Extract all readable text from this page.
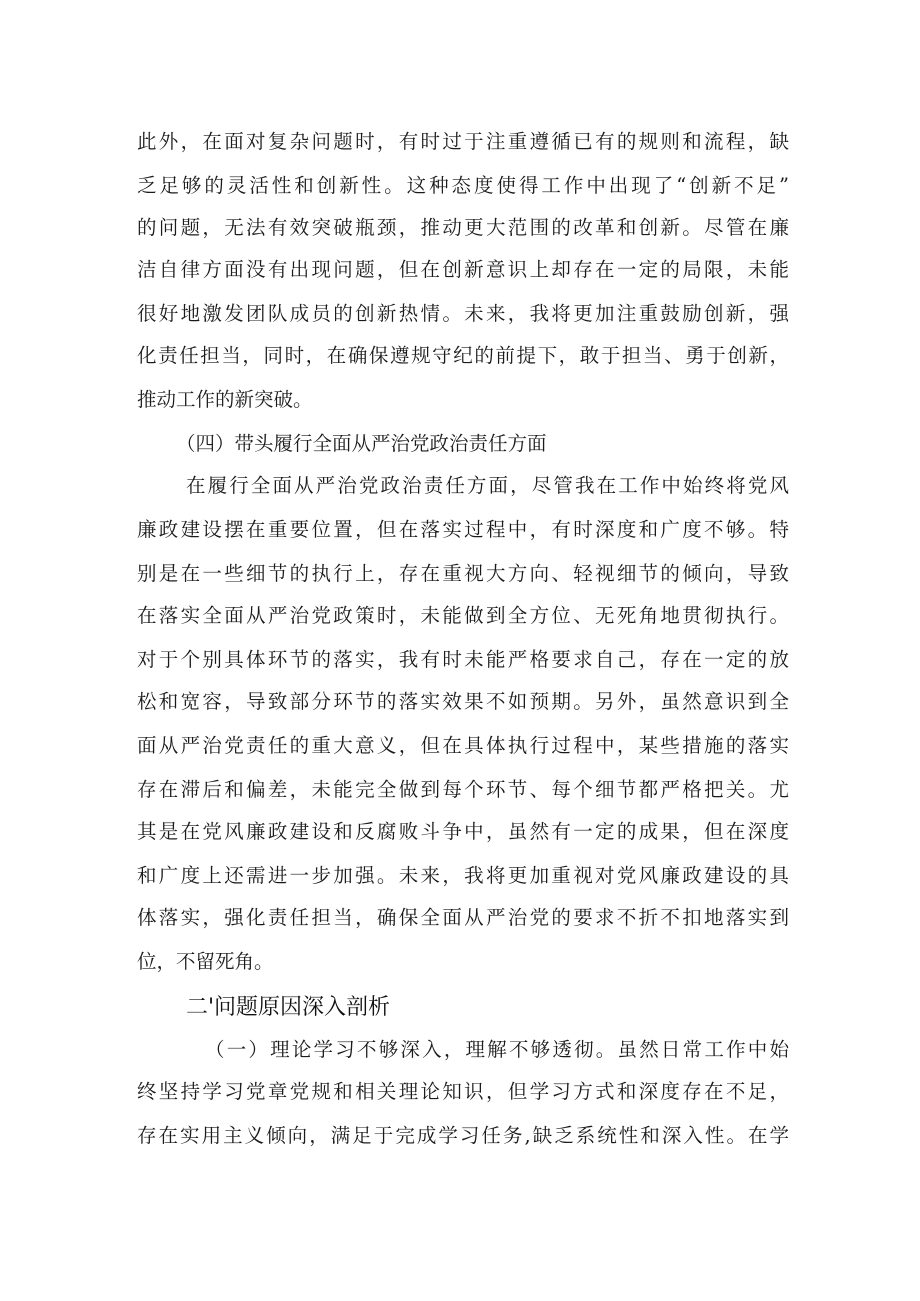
此外，在面对复杂问题时，有时过于注重遵循已有的规则和流程，缺

乏足够的灵活性和创新性。这种态度使得工作中出现了“创新不足”

的问题，无法有效突破瓶颈，推动更大范围的改革和创新。尽管在廉

洁自律方面没有出现问题，但在创新意识上却存在一定的局限，未能

很好地激发团队成员的创新热情。未来，我将更加注重鼓励创新，强

化责任担当，同时，在确保遵规守纪的前提下，敢于担当、勇于创新，

推动工作的新突破。

（四）带头履行全面从严治党政治责任方面

在履行全面从严治党政治责任方面，尽管我在工作中始终将党风

廉政建设摆在重要位置，但在落实过程中，有时深度和广度不够。特

别是在一些细节的执行上，存在重视大方向、轻视细节的倾向，导致

在落实全面从严治党政策时，未能做到全方位、无死角地贯彻执行。

对于个别具体环节的落实，我有时未能严格要求自己，存在一定的放

松和宽容，导致部分环节的落实效果不如预期。另外，虽然意识到全

面从严治党责任的重大意义，但在具体执行过程中，某些措施的落实

存在滞后和偏差，未能完全做到每个环节、每个细节都严格把关。尤

其是在党风廉政建设和反腐败斗争中，虽然有一定的成果，但在深度

和广度上还需进一步加强。未来，我将更加重视对党风廉政建设的具

体落实，强化责任担当，确保全面从严治党的要求不折不扣地落实到

位，不留死角。

二'问题原因深入剖析

（一）理论学习不够深入，理解不够透彻。虽然日常工作中始

终坚持学习党章党规和相关理论知识，但学习方式和深度存在不足，

存在实用主义倾向，满足于完成学习任务,缺乏系统性和深入性。在学
